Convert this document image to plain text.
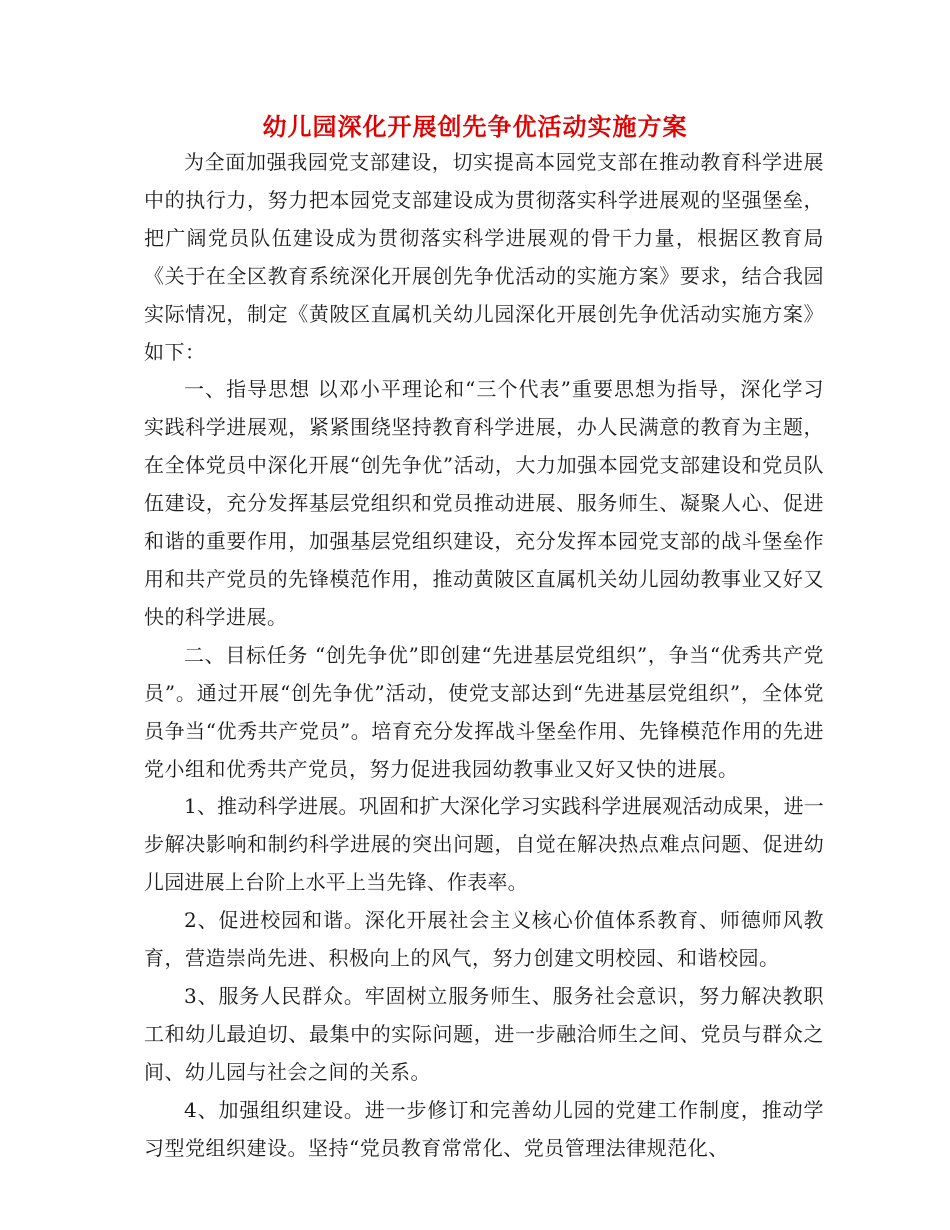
幼儿园深化开展创先争优活动实施方案

为全面加强我园党支部建设，切实提高本园党支部在推动教育科学进展中的执行力，努力把本园党支部建设成为贯彻落实科学进展观的坚强堡垒，把广阔党员队伍建设成为贯彻落实科学进展观的骨干力量，根据区教育局《关于在全区教育系统深化开展创先争优活动的实施方案》要求，结合我园实际情况，制定《黄陂区直属机关幼儿园深化开展创先争优活动实施方案》如下：

一、指导思想 以邓小平理论和“三个代表”重要思想为指导，深化学习实践科学进展观，紧紧围绕坚持教育科学进展，办人民满意的教育为主题，在全体党员中深化开展“创先争优”活动，大力加强本园党支部建设和党员队伍建设，充分发挥基层党组织和党员推动进展、服务师生、凝聚人心、促进和谐的重要作用，加强基层党组织建设，充分发挥本园党支部的战斗堡垒作用和共产党员的先锋模范作用，推动黄陂区直属机关幼儿园幼教事业又好又快的科学进展。

二、目标任务 “创先争优”即创建“先进基层党组织”，争当“优秀共产党员”。通过开展“创先争优”活动，使党支部达到“先进基层党组织”，全体党员争当“优秀共产党员”。培育充分发挥战斗堡垒作用、先锋模范作用的先进党小组和优秀共产党员，努力促进我园幼教事业又好又快的进展。

1、推动科学进展。巩固和扩大深化学习实践科学进展观活动成果，进一步解决影响和制约科学进展的突出问题，自觉在解决热点难点问题、促进幼儿园进展上台阶上水平上当先锋、作表率。

2、促进校园和谐。深化开展社会主义核心价值体系教育、师德师风教育，营造崇尚先进、积极向上的风气，努力创建文明校园、和谐校园。

3、服务人民群众。牢固树立服务师生、服务社会意识，努力解决教职工和幼儿最迫切、最集中的实际问题，进一步融洽师生之间、党员与群众之间、幼儿园与社会之间的关系。

4、加强组织建设。进一步修订和完善幼儿园的党建工作制度，推动学习型党组织建设。坚持“党员教育常常化、党员管理法律规范化、
